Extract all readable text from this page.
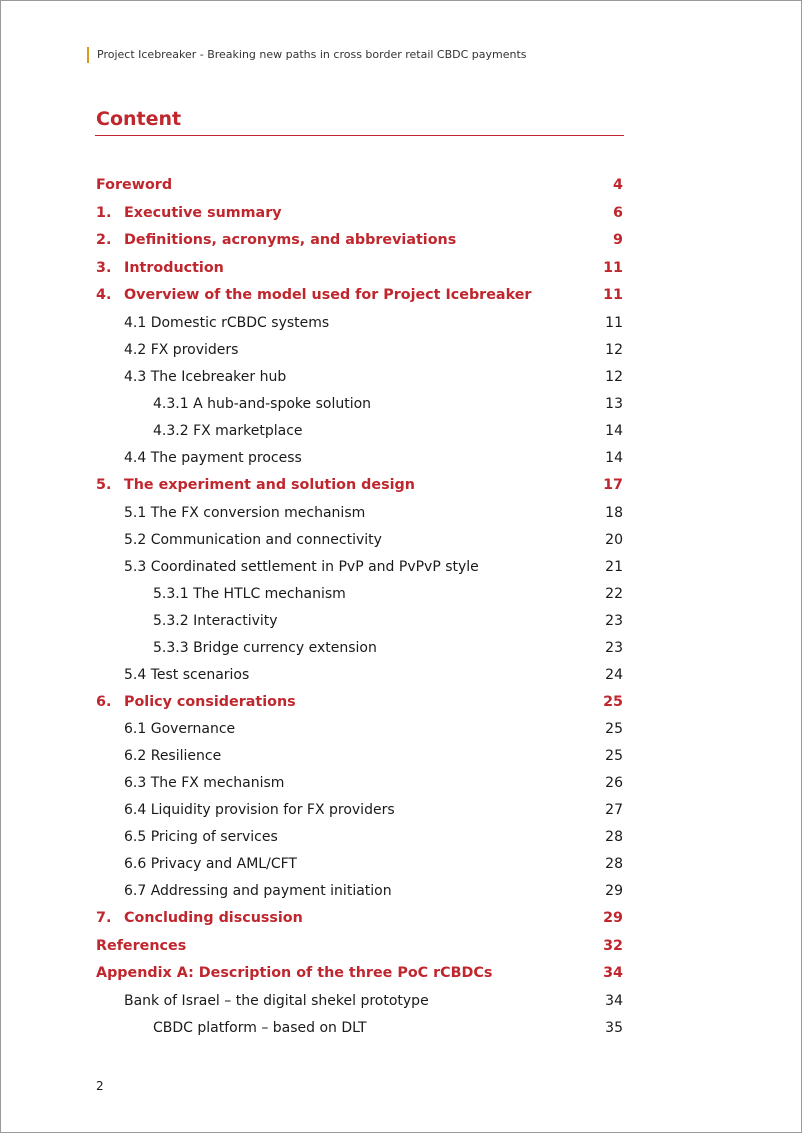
Project Icebreaker - Breaking new paths in cross border retail CBDC payments
Content
Foreword	4
1. Executive summary	6
2. Definitions, acronyms, and abbreviations	9
3. Introduction	11
4. Overview of the model used for Project Icebreaker	11
4.1 Domestic rCBDC systems	11
4.2 FX providers	12
4.3 The Icebreaker hub	12
4.3.1 A hub-and-spoke solution	13
4.3.2 FX marketplace	14
4.4 The payment process	14
5. The experiment and solution design	17
5.1 The FX conversion mechanism	18
5.2 Communication and connectivity	20
5.3 Coordinated settlement in PvP and PvPvP style	21
5.3.1 The HTLC mechanism	22
5.3.2 Interactivity	23
5.3.3 Bridge currency extension	23
5.4 Test scenarios	24
6. Policy considerations	25
6.1 Governance	25
6.2 Resilience	25
6.3 The FX mechanism	26
6.4 Liquidity provision for FX providers	27
6.5 Pricing of services	28
6.6 Privacy and AML/CFT	28
6.7 Addressing and payment initiation	29
7. Concluding discussion	29
References	32
Appendix A: Description of the three PoC rCBDCs	34
Bank of Israel – the digital shekel prototype	34
CBDC platform – based on DLT	35
2
